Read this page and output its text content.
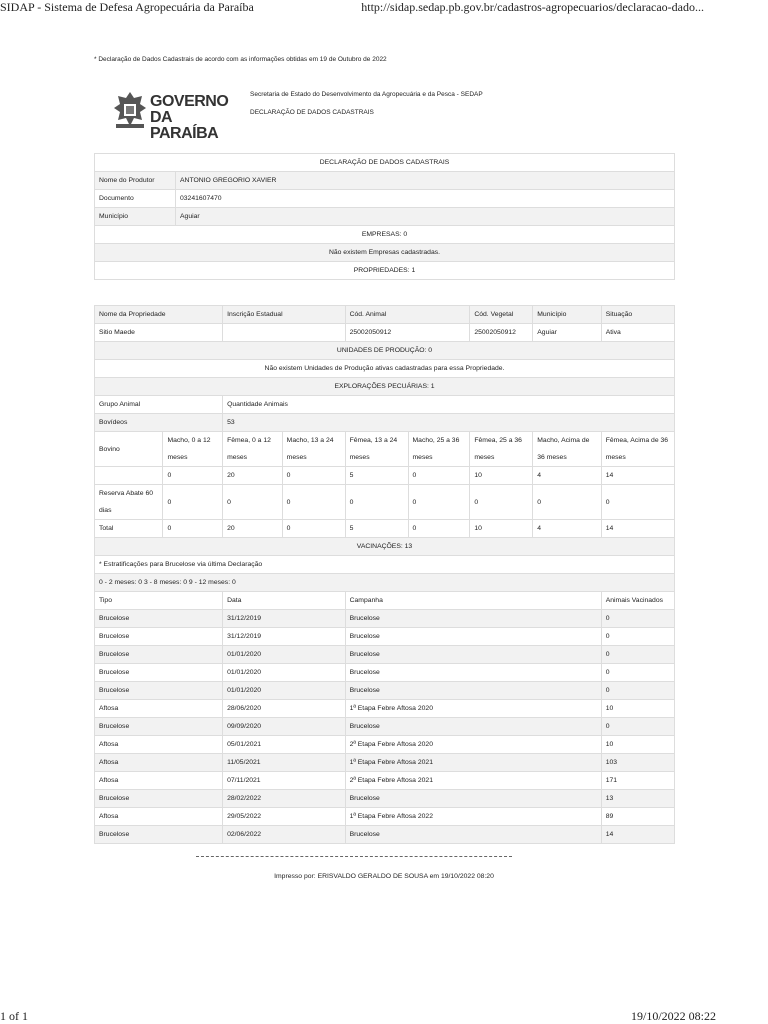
SIDAP - Sistema de Defesa Agropecuária da Paraíba	http://sidap.sedap.pb.gov.br/cadastros-agropecuarios/declaracao-dado...
* Declaração de Dados Cadastrais de acordo com as informações obtidas em 19 de Outubro de 2022
GOVERNO
DA PARAÍBA
Secretaria de Estado do Desenvolvimento da Agropecuária e da Pesca - SEDAP
DECLARAÇÃO DE DADOS CADASTRAIS
DECLARAÇÃO DE DADOS CADASTRAIS	
Nome do Produtor	ANTONIO GREGORIO XAVIER
Documento	03241607470
Município	Aguiar
EMPRESAS: 0	
Não existem Empresas cadastradas.	
PROPRIEDADES: 1	
Nome da Propriedade		Inscrição Estadual		Cód. Animal		Cód. Vegetal	Município	Situação
Sitio Maede				25002050912		25002050912	Aguiar	Ativa
UNIDADES DE PRODUÇÃO: 0								
Não existem Unidades de Produção ativas cadastradas para essa Propriedade.								
EXPLORAÇÕES PECUÁRIAS: 1								
Grupo Animal		Quantidade Animais						
Bovídeos		53						
Bovino	Macho, 0 a 12 meses	Fêmea, 0 a 12 meses	Macho, 13 a 24 meses	Fêmea, 13 a 24 meses	Macho, 25 a 36 meses	Fêmea, 25 a 36 meses	Macho, Acima de 36 meses	Fêmea, Acima de 36 meses
	0	20	0	5	0	10	4	14
Reserva Abate 60 dias	0	0	0	0	0	0	0	0
Total	0	20	0	5	0	10	4	14
VACINAÇÕES: 13								
* Estratificações para Brucelose via última Declaração								
0 - 2 meses: 0 3 - 8 meses: 0 9 - 12 meses: 0								
Tipo		Data		Campanha				Animais Vacinados
Brucelose		31/12/2019		Brucelose				0
Brucelose		31/12/2019		Brucelose				0
Brucelose		01/01/2020		Brucelose				0
Brucelose		01/01/2020		Brucelose				0
Brucelose		01/01/2020		Brucelose				0
Aftosa		28/06/2020		1ª Etapa Febre Aftosa 2020				10
Brucelose		09/09/2020		Brucelose				0
Aftosa		05/01/2021		2ª Etapa Febre Aftosa 2020				10
Aftosa		11/05/2021		1ª Etapa Febre Aftosa 2021				103
Aftosa		07/11/2021		2ª Etapa Febre Aftosa 2021				171
Brucelose		28/02/2022		Brucelose				13
Aftosa		29/05/2022		1ª Etapa Febre Aftosa 2022				89
Brucelose		02/06/2022		Brucelose				14
Impresso por: ERISVALDO GERALDO DE SOUSA em 19/10/2022 08:20
1 of 1	19/10/2022 08:22
